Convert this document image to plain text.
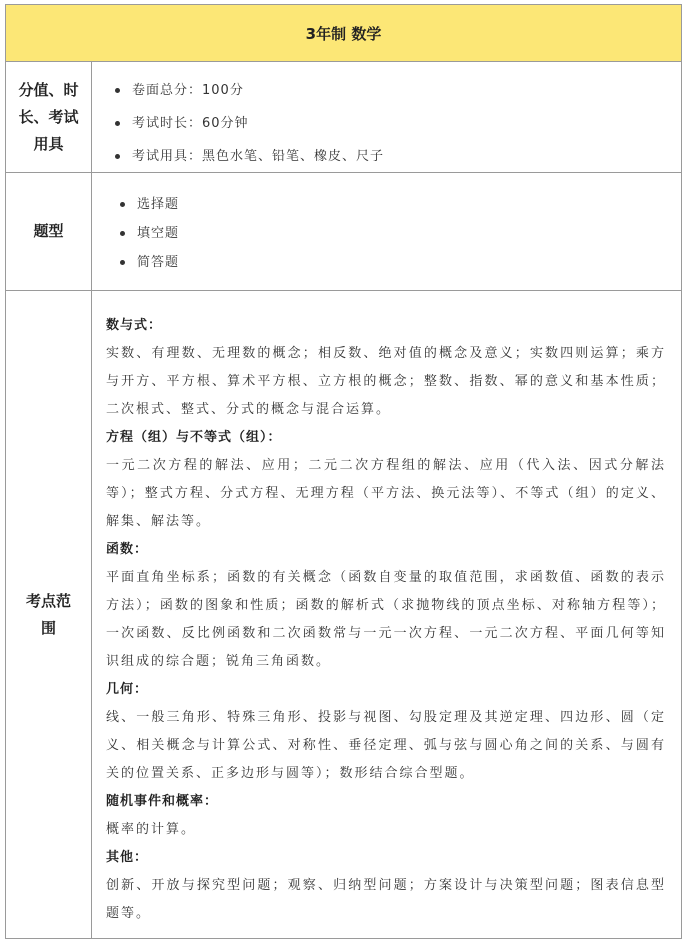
3年制 数学
分值、时长、考试用具
卷面总分：100分
考试时长：60分钟
考试用具：黑色水笔、铅笔、橡皮、尺子
题型
选择题
填空题
简答题
考点范围
数与式：
实数、有理数、无理数的概念；相反数、绝对值的概念及意义；实数四则运算；乘方与开方、平方根、算术平方根、立方根的概念；整数、指数、幂的意义和基本性质；二次根式、整式、分式的概念与混合运算。
方程（组）与不等式（组）：
一元二次方程的解法、应用；二元二次方程组的解法、应用（代入法、因式分解法等）；整式方程、分式方程、无理方程（平方法、换元法等）、不等式（组）的定义、解集、解法等。
函数：
平面直角坐标系；函数的有关概念（函数自变量的取值范围，求函数值、函数的表示方法）；函数的图象和性质；函数的解析式（求抛物线的顶点坐标、对称轴方程等）；一次函数、反比例函数和二次函数常与一元一次方程、一元二次方程、平面几何等知识组成的综合题；锐角三角函数。
几何：
线、一般三角形、特殊三角形、投影与视图、勾股定理及其逆定理、四边形、圆（定义、相关概念与计算公式、对称性、垂径定理、弧与弦与圆心角之间的关系、与圆有关的位置关系、正多边形与圆等）；数形结合综合型题。
随机事件和概率：
概率的计算。
其他：
创新、开放与探究型问题；观察、归纳型问题；方案设计与决策型问题；图表信息型题等。
